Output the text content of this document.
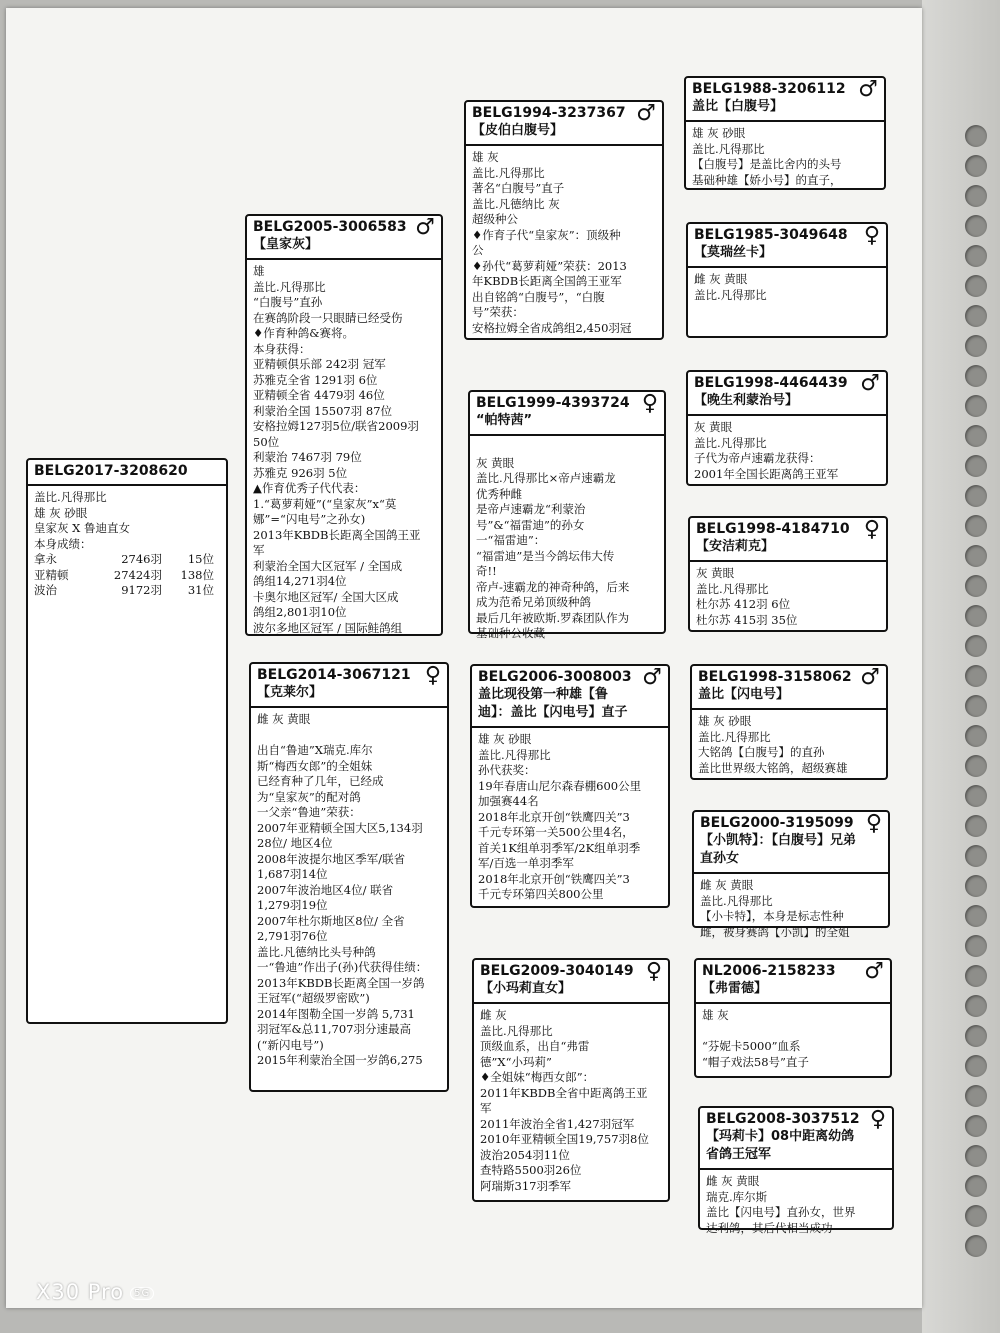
BELG2017-3208620
盖比.凡得那比
雄 灰 砂眼
皇家灰 X 鲁迪直女
本身成绩：
拿永	2746羽	15位
亚精顿	27424羽	138位
波治	9172羽	31位
BELG2005-3006583
【皇家灰】
♂
雄
盖比.凡得那比
“白腹号”直孙
在赛鸽阶段一只眼睛已经受伤
♦作育种鸽&赛将。
本身获得：
亚精顿俱乐部 242羽 冠军
苏雅克全省 1291羽 6位
亚精顿全省 4479羽 46位
利蒙治全国 15507羽 87位
安格拉姆127羽5位/联省2009羽
50位
利蒙治 7467羽 79位
苏雅克 926羽 5位
▲作育优秀子代代表：
1.“葛萝莉娅”(“皇家灰”x“莫
娜”=“闪电号”之孙女)
2013年KBDB长距离全国鸽王亚
军
利蒙治全国大区冠军 / 全国成
鸽组14,271羽4位
卡奥尔地区冠军/ 全国大区成
鸽组2,801羽10位
波尔多地区冠军 / 国际鲑鸽组
BELG2014-3067121
【克莱尔】
♀
雌 灰 黄眼
出自“鲁迪”X瑞克.库尔
斯“梅西女郎”的全姐妹
已经育种了几年，已经成
为“皇家灰”的配对鸽
一父亲“鲁迪”荣获：
2007年亚精顿全国大区5,134羽
28位/ 地区4位
2008年波提尔地区季军/联省
1,687羽14位
2007年波治地区4位/ 联省
1,279羽19位
2007年杜尔斯地区8位/ 全省
2,791羽76位
盖比.凡德纳比头号种鸽
一“鲁迪”作出子(孙)代获得佳绩：
2013年KBDB长距离全国一岁鸽
王冠军(“超级罗密欧”)
2014年图勒全国一岁鸽 5,731
羽冠军&总11,707羽分速最高
(“新闪电号”)
2015年利蒙治全国一岁鸽6,275
BELG1994-3237367
【皮伯白腹号】
♂
雄 灰
盖比.凡得那比
著名“白腹号”直子
盖比.凡德纳比 灰
超级种公
♦作育子代“皇家灰”：顶级种
公
♦孙代“葛萝莉娅”荣获：2013
年KBDB长距离全国鸽王亚军
出自铭鸽“白腹号”，“白腹
号”荣获：
安格拉姆全省成鸽组2,450羽冠
BELG1999-4393724
“帕特茜”
♀
灰 黄眼
盖比.凡得那比×帝卢速霸龙
优秀种雌
是帝卢速霸龙“利蒙治
号”&“福雷迪”的孙女
一“福雷迪”：
“福雷迪”是当今鸽坛伟大传
奇!!
帝卢-速霸龙的神奇种鸽，后来
成为范希兄弟顶级种鸽
最后几年被欧斯.罗森团队作为
基础种公收藏
BELG2006-3008003
盖比现役第一种雄【鲁迪】：盖比【闪电号】直子
♂
雄 灰 砂眼
盖比.凡得那比
孙代获奖：
19年春唐山尼尔森春棚600公里
加强赛44名
2018年北京开创“铁鹰四关”3
千元专环第一关500公里4名，
首关1K组单羽季军/2K组单羽季
军/百选一单羽季军
2018年北京开创“铁鹰四关”3
千元专环第四关800公里
BELG2009-3040149
【小玛莉直女】
♀
雌 灰
盖比.凡得那比
顶级血系，出自“弗雷
德”X“小玛莉”
♦全姐妹“梅西女郎”：
2011年KBDB全省中距离鸽王亚
军
2011年波治全省1,427羽冠军
2010年亚精顿全国19,757羽8位
波治2054羽11位
查特路5500羽26位
阿瑞斯317羽季军
BELG1988-3206112
盖比【白腹号】
♂
雄 灰 砂眼
盖比.凡得那比
【白腹号】是盖比舍内的头号
基础种雄【娇小号】的直子，
BELG1985-3049648
【莫瑞丝卡】
♀
雌 灰 黄眼
盖比.凡得那比
BELG1998-4464439
【晚生利蒙治号】
♂
灰 黄眼
盖比.凡得那比
子代为帝卢速霸龙获得：
2001年全国长距离鸽王亚军
BELG1998-4184710
【安洁莉克】
♀
灰 黄眼
盖比.凡得那比
杜尔苏 412羽 6位
杜尔苏 415羽 35位
BELG1998-3158062
盖比【闪电号】
♂
雄 灰 砂眼
盖比.凡得那比
大铭鸽【白腹号】的直孙
盖比世界级大铭鸽，超级赛雄
BELG2000-3195099
【小凯特】：【白腹号】兄弟直孙女
♀
雌 灰 黄眼
盖比.凡得那比
【小卡特】，本身是标志性种
雌，被身赛鸽【小凯】的全姐
NL2006-2158233
【弗雷德】
♂
雄 灰
“芬妮卡5000”血系
“帽子戏法58号”直子
BELG2008-3037512
【玛莉卡】08中距离幼鸽省鸽王冠军
♀
雌 灰 黄眼
瑞克.库尔斯
盖比【闪电号】直孙女，世界
达利鸽，其后代相当成功
X30 Pro 5G
